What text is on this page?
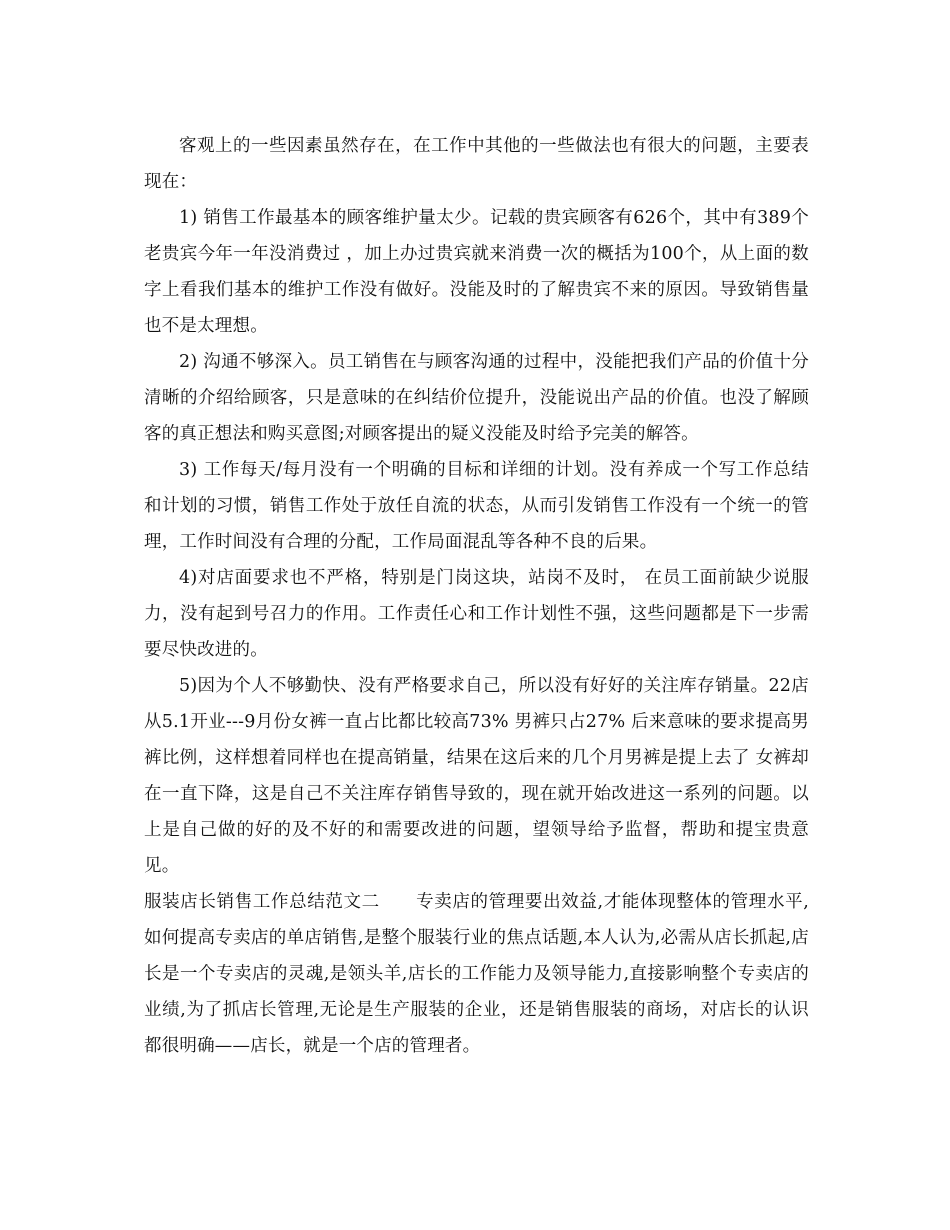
客观上的一些因素虽然存在，在工作中其他的一些做法也有很大的问题，主要表现在：

1) 销售工作最基本的顾客维护量太少。记载的贵宾顾客有626个，其中有389个老贵宾今年一年没消费过 ，加上办过贵宾就来消费一次的概括为100个，从上面的数字上看我们基本的维护工作没有做好。没能及时的了解贵宾不来的原因。导致销售量也不是太理想。

2) 沟通不够深入。员工销售在与顾客沟通的过程中，没能把我们产品的价值十分清晰的介绍给顾客，只是意味的在纠结价位提升，没能说出产品的价值。也没了解顾客的真正想法和购买意图;对顾客提出的疑义没能及时给予完美的解答。

3) 工作每天/每月没有一个明确的目标和详细的计划。没有养成一个写工作总结和计划的习惯，销售工作处于放任自流的状态，从而引发销售工作没有一个统一的管理，工作时间没有合理的分配，工作局面混乱等各种不良的后果。

4)对店面要求也不严格，特别是门岗这块，站岗不及时， 在员工面前缺少说服力，没有起到号召力的作用。工作责任心和工作计划性不强，这些问题都是下一步需要尽快改进的。

5)因为个人不够勤快、没有严格要求自己，所以没有好好的关注库存销量。22店从5.1开业---9月份女裤一直占比都比较高73% 男裤只占27% 后来意味的要求提高男裤比例，这样想着同样也在提高销量，结果在这后来的几个月男裤是提上去了 女裤却在一直下降，这是自己不关注库存销售导致的，现在就开始改进这一系列的问题。以上是自己做的好的及不好的和需要改进的问题，望领导给予监督，帮助和提宝贵意见。

服装店长销售工作总结范文二　　专卖店的管理要出效益,才能体现整体的管理水平,如何提高专卖店的单店销售,是整个服装行业的焦点话题,本人认为,必需从店长抓起,店长是一个专卖店的灵魂,是领头羊,店长的工作能力及领导能力,直接影响整个专卖店的业绩,为了抓店长管理,无论是生产服装的企业，还是销售服装的商场，对店长的认识都很明确——店长，就是一个店的管理者。
